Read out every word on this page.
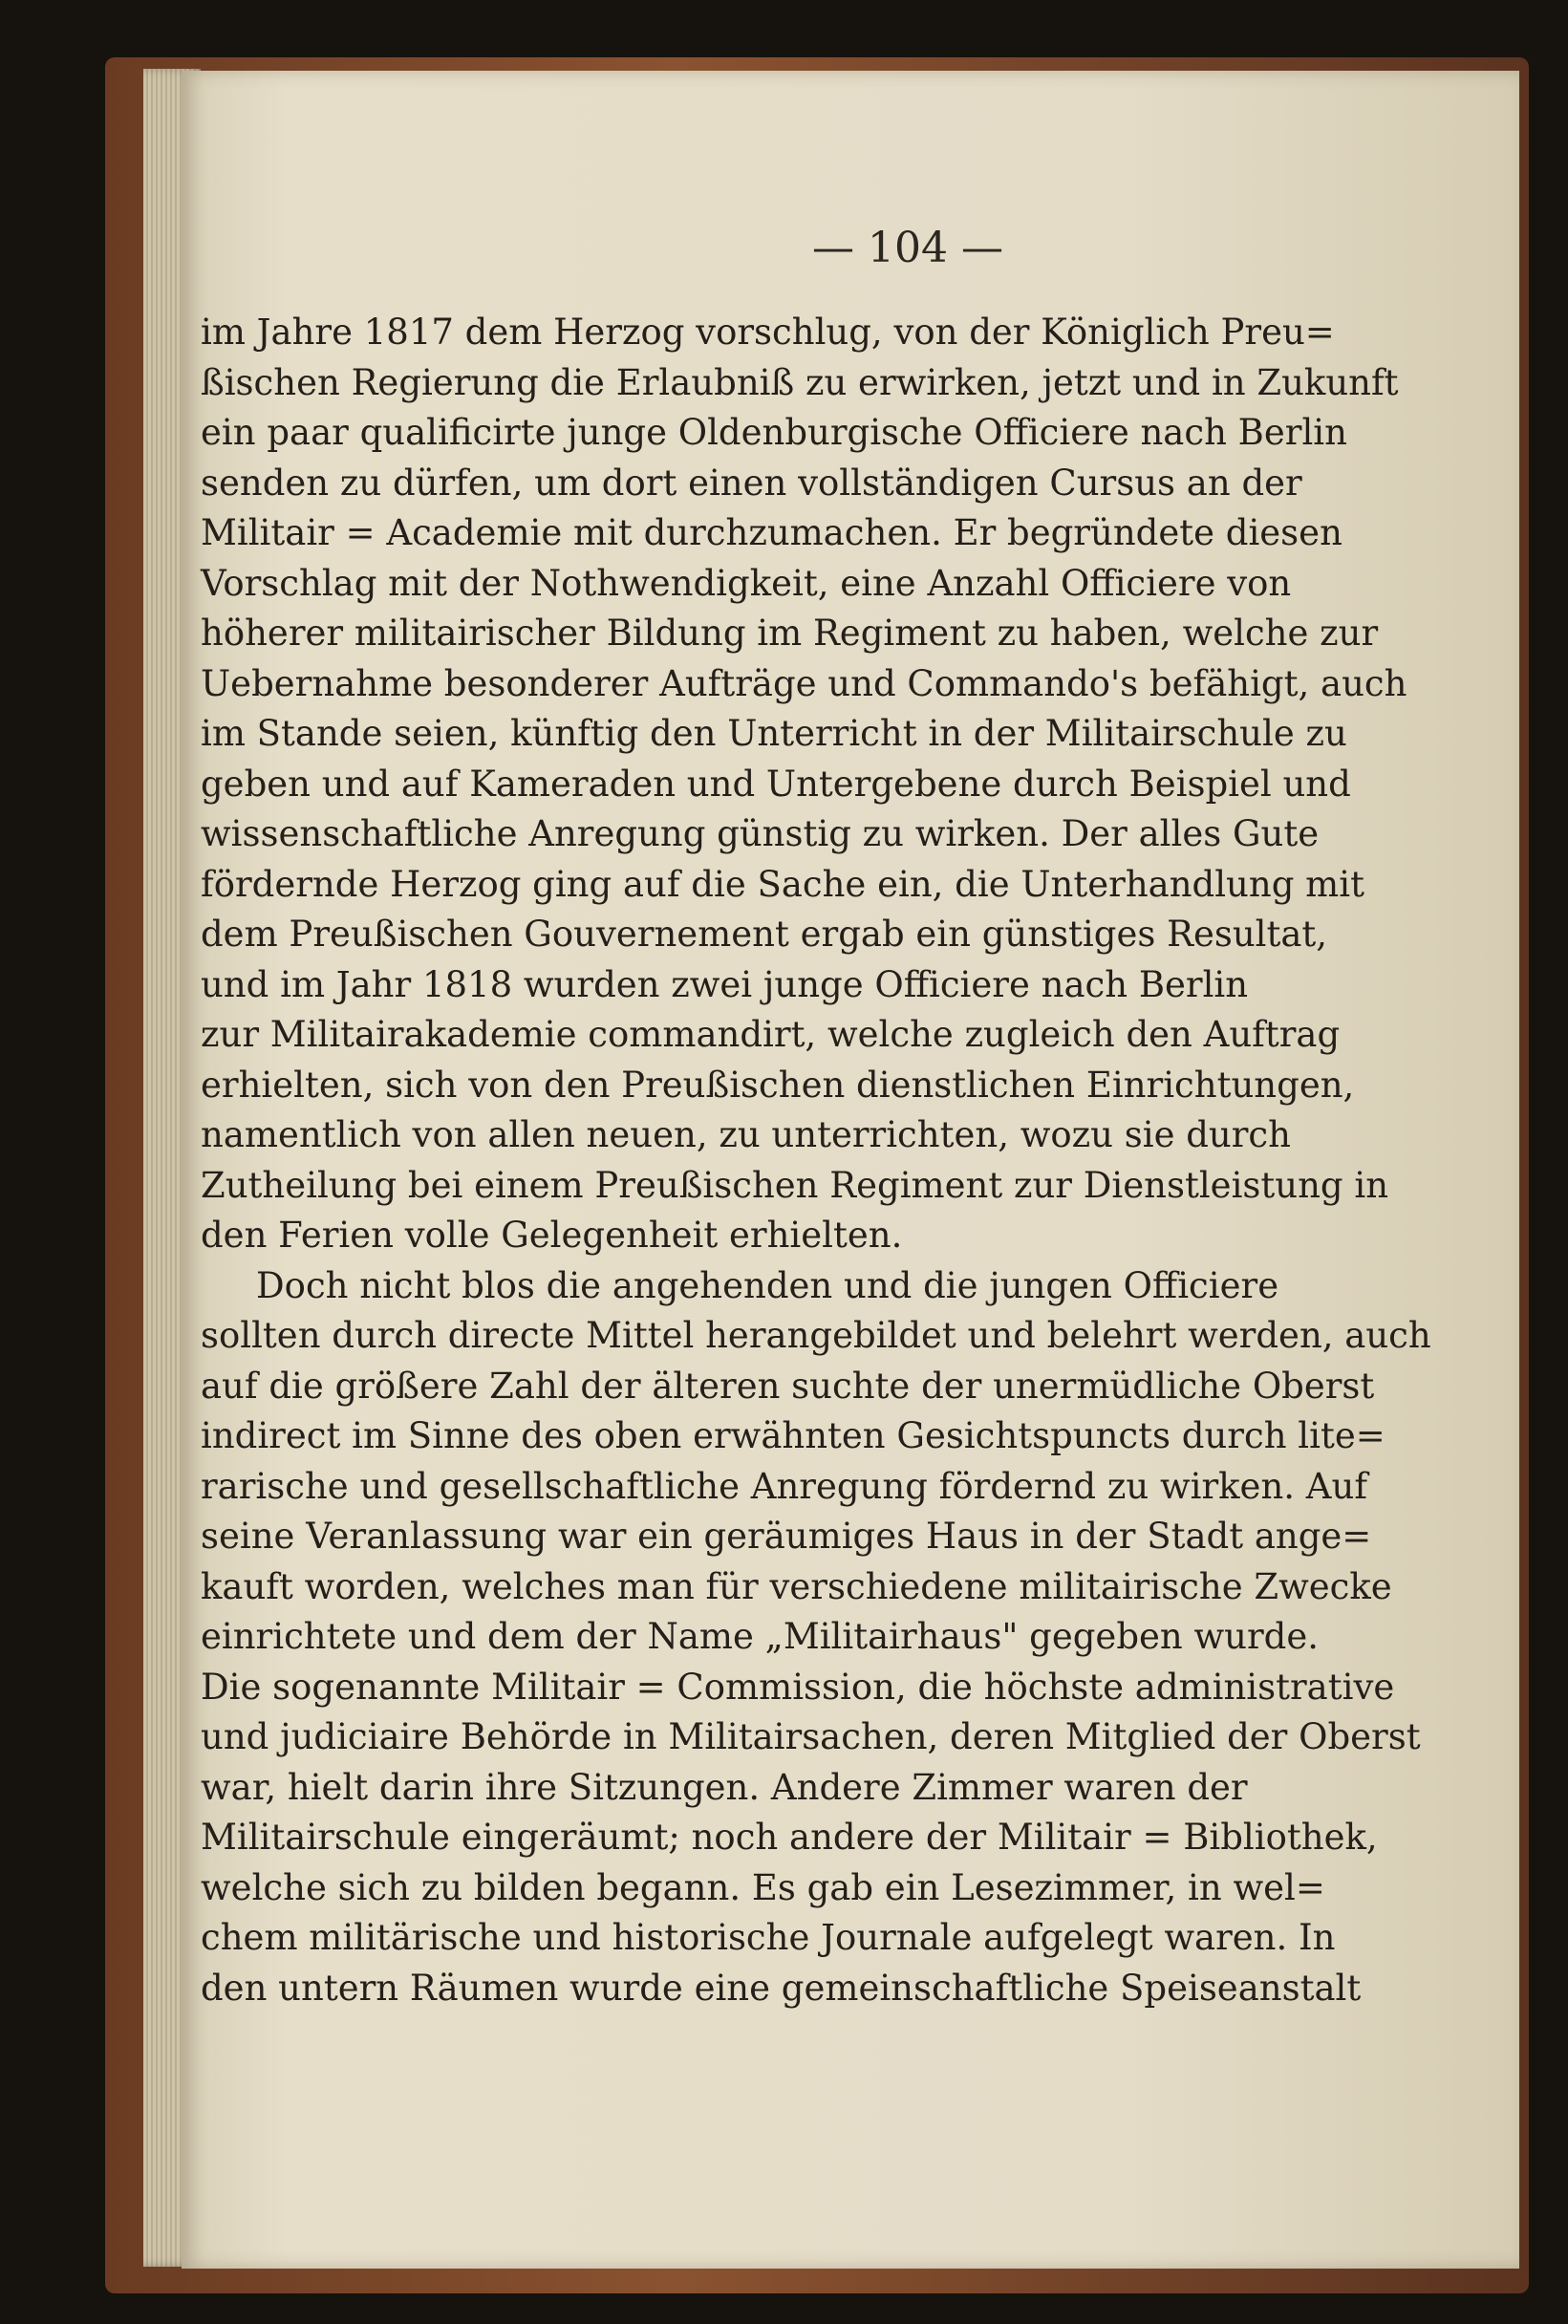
— 104 —
im Jahre 1817 dem Herzog vorschlug, von der Königlich Preu=
ßischen Regierung die Erlaubniß zu erwirken, jetzt und in Zukunft
ein paar qualificirte junge Oldenburgische Officiere nach Berlin
senden zu dürfen, um dort einen vollständigen Cursus an der
Militair = Academie mit durchzumachen. Er begründete diesen
Vorschlag mit der Nothwendigkeit, eine Anzahl Officiere von
höherer militairischer Bildung im Regiment zu haben, welche zur
Uebernahme besonderer Aufträge und Commando's befähigt, auch
im Stande seien, künftig den Unterricht in der Militairschule zu
geben und auf Kameraden und Untergebene durch Beispiel und
wissenschaftliche Anregung günstig zu wirken. Der alles Gute
fördernde Herzog ging auf die Sache ein, die Unterhandlung mit
dem Preußischen Gouvernement ergab ein günstiges Resultat,
und im Jahr 1818 wurden zwei junge Officiere nach Berlin
zur Militairakademie commandirt, welche zugleich den Auftrag
erhielten, sich von den Preußischen dienstlichen Einrichtungen,
namentlich von allen neuen, zu unterrichten, wozu sie durch
Zutheilung bei einem Preußischen Regiment zur Dienstleistung in
den Ferien volle Gelegenheit erhielten.
Doch nicht blos die angehenden und die jungen Officiere
sollten durch directe Mittel herangebildet und belehrt werden, auch
auf die größere Zahl der älteren suchte der unermüdliche Oberst
indirect im Sinne des oben erwähnten Gesichtspuncts durch lite=
rarische und gesellschaftliche Anregung fördernd zu wirken. Auf
seine Veranlassung war ein geräumiges Haus in der Stadt ange=
kauft worden, welches man für verschiedene militairische Zwecke
einrichtete und dem der Name „Militairhaus" gegeben wurde.
Die sogenannte Militair = Commission, die höchste administrative
und judiciaire Behörde in Militairsachen, deren Mitglied der Oberst
war, hielt darin ihre Sitzungen. Andere Zimmer waren der
Militairschule eingeräumt; noch andere der Militair = Bibliothek,
welche sich zu bilden begann. Es gab ein Lesezimmer, in wel=
chem militärische und historische Journale aufgelegt waren. In
den untern Räumen wurde eine gemeinschaftliche Speiseanstalt
